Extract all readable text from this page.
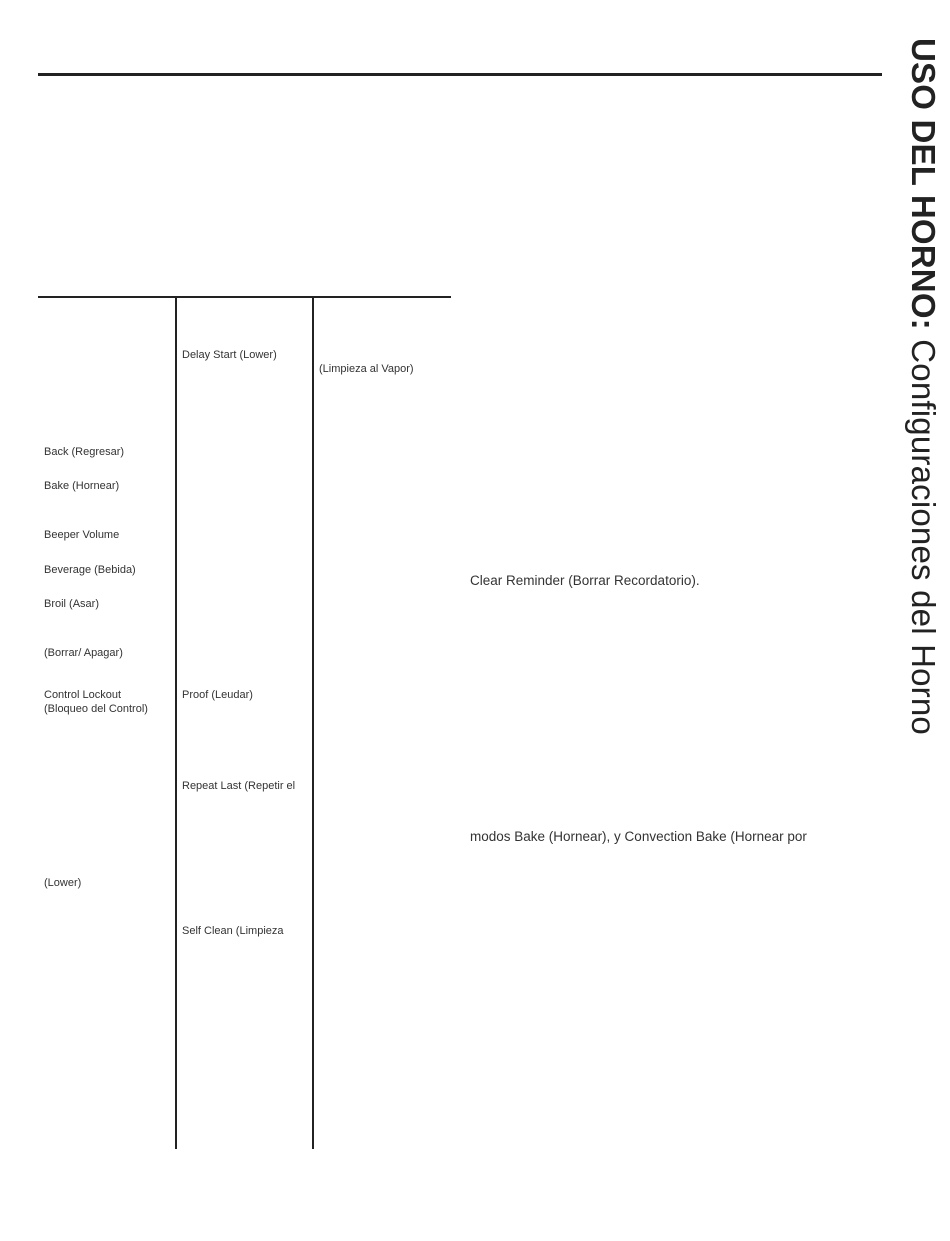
USO DEL HORNO: Configuraciones del Horno
Back (Regresar)
Bake (Hornear)
Beeper Volume
Beverage (Bebida)
Broil (Asar)
(Borrar/ Apagar)
Control Lockout
(Bloqueo del Control)
(Lower)
Delay Start (Lower)
Proof (Leudar)
Repeat Last (Repetir el
Self Clean (Limpieza
(Limpieza al Vapor)
Clear Reminder (Borrar Recordatorio).
modos Bake (Hornear), y Convection Bake (Hornear por
